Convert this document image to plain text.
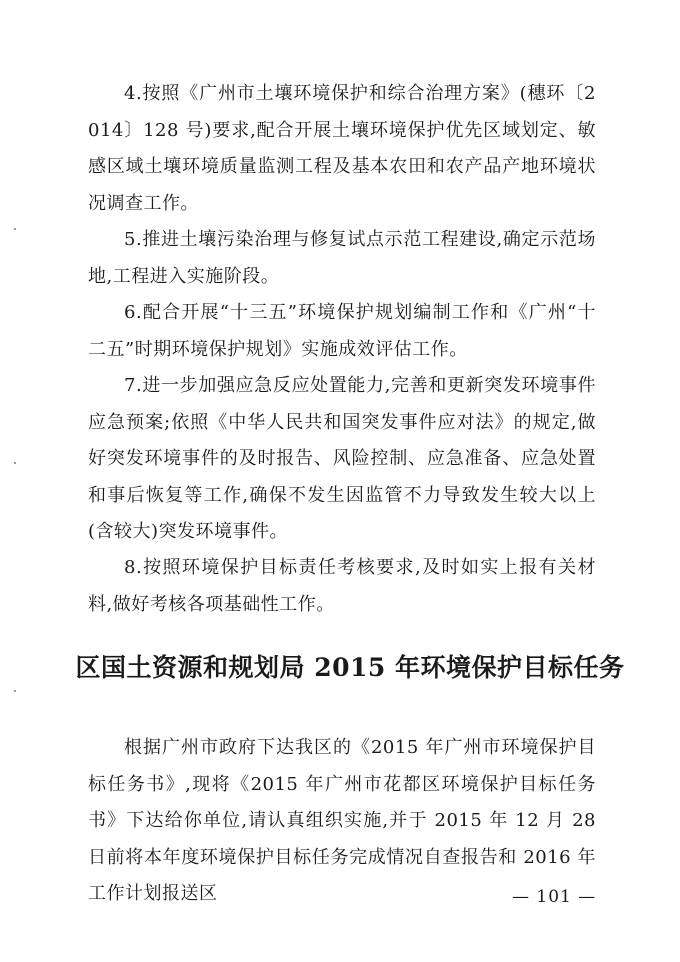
4.按照《广州市土壤环境保护和综合治理方案》(穗环〔2014〕128 号)要求,配合开展土壤环境保护优先区域划定、敏感区域土壤环境质量监测工程及基本农田和农产品产地环境状况调查工作。

5.推进土壤污染治理与修复试点示范工程建设,确定示范场地,工程进入实施阶段。

6.配合开展“十三五”环境保护规划编制工作和《广州“十二五”时期环境保护规划》实施成效评估工作。

7.进一步加强应急反应处置能力,完善和更新突发环境事件应急预案;依照《中华人民共和国突发事件应对法》的规定,做好突发环境事件的及时报告、风险控制、应急准备、应急处置和事后恢复等工作,确保不发生因监管不力导致发生较大以上(含较大)突发环境事件。

8.按照环境保护目标责任考核要求,及时如实上报有关材料,做好考核各项基础性工作。

区国土资源和规划局 2015 年环境保护目标任务

根据广州市政府下达我区的《2015 年广州市环境保护目标任务书》,现将《2015 年广州市花都区环境保护目标任务书》下达给你单位,请认真组织实施,并于 2015 年 12 月 28 日前将本年度环境保护目标任务完成情况自查报告和 2016 年工作计划报送区	— 101 —
